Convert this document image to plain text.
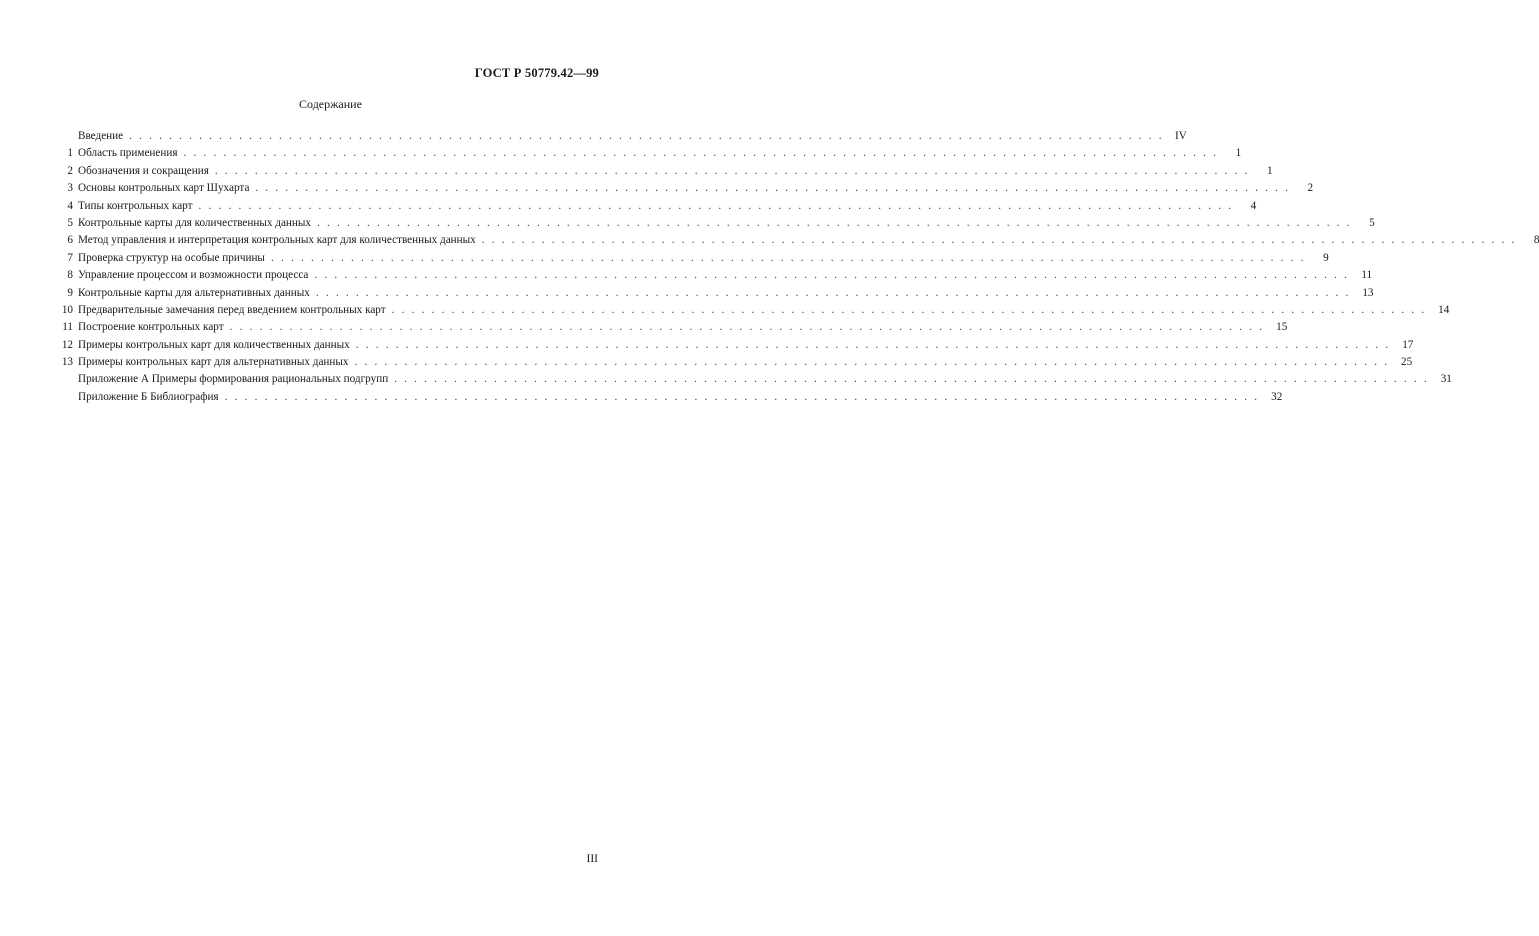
ГОСТ Р 50779.42—99
Содержание
Введение ........................................................................................................ IV
1 Область применения ........................................................................................................	1
2 Обозначения и сокращения ........................................................................................................	1
3 Основы контрольных карт Шухарта ........................................................................................................	2
4 Типы контрольных карт ........................................................................................................	4
5 Контрольные карты для количественных данных ........................................................................................................	5
6 Метод управления и интерпретация контрольных карт для количественных данных ........................................................................................................	8
7 Проверка структур на особые причины ........................................................................................................	9
8 Управление процессом и возможности процесса ........................................................................................................ 11
9 Контрольные карты для альтернативных данных ........................................................................................................ 13
10 Предварительные замечания перед введением контрольных карт ........................................................................................................ 14
11 Построение контрольных карт ........................................................................................................ 15
12 Примеры контрольных карт для количественных данных ........................................................................................................ 17
13 Примеры контрольных карт для альтернативных данных ........................................................................................................ 25
Приложение А Примеры формирования рациональных подгрупп ........................................................................................................ 31
Приложение Б Библиография ........................................................................................................ 32
III
